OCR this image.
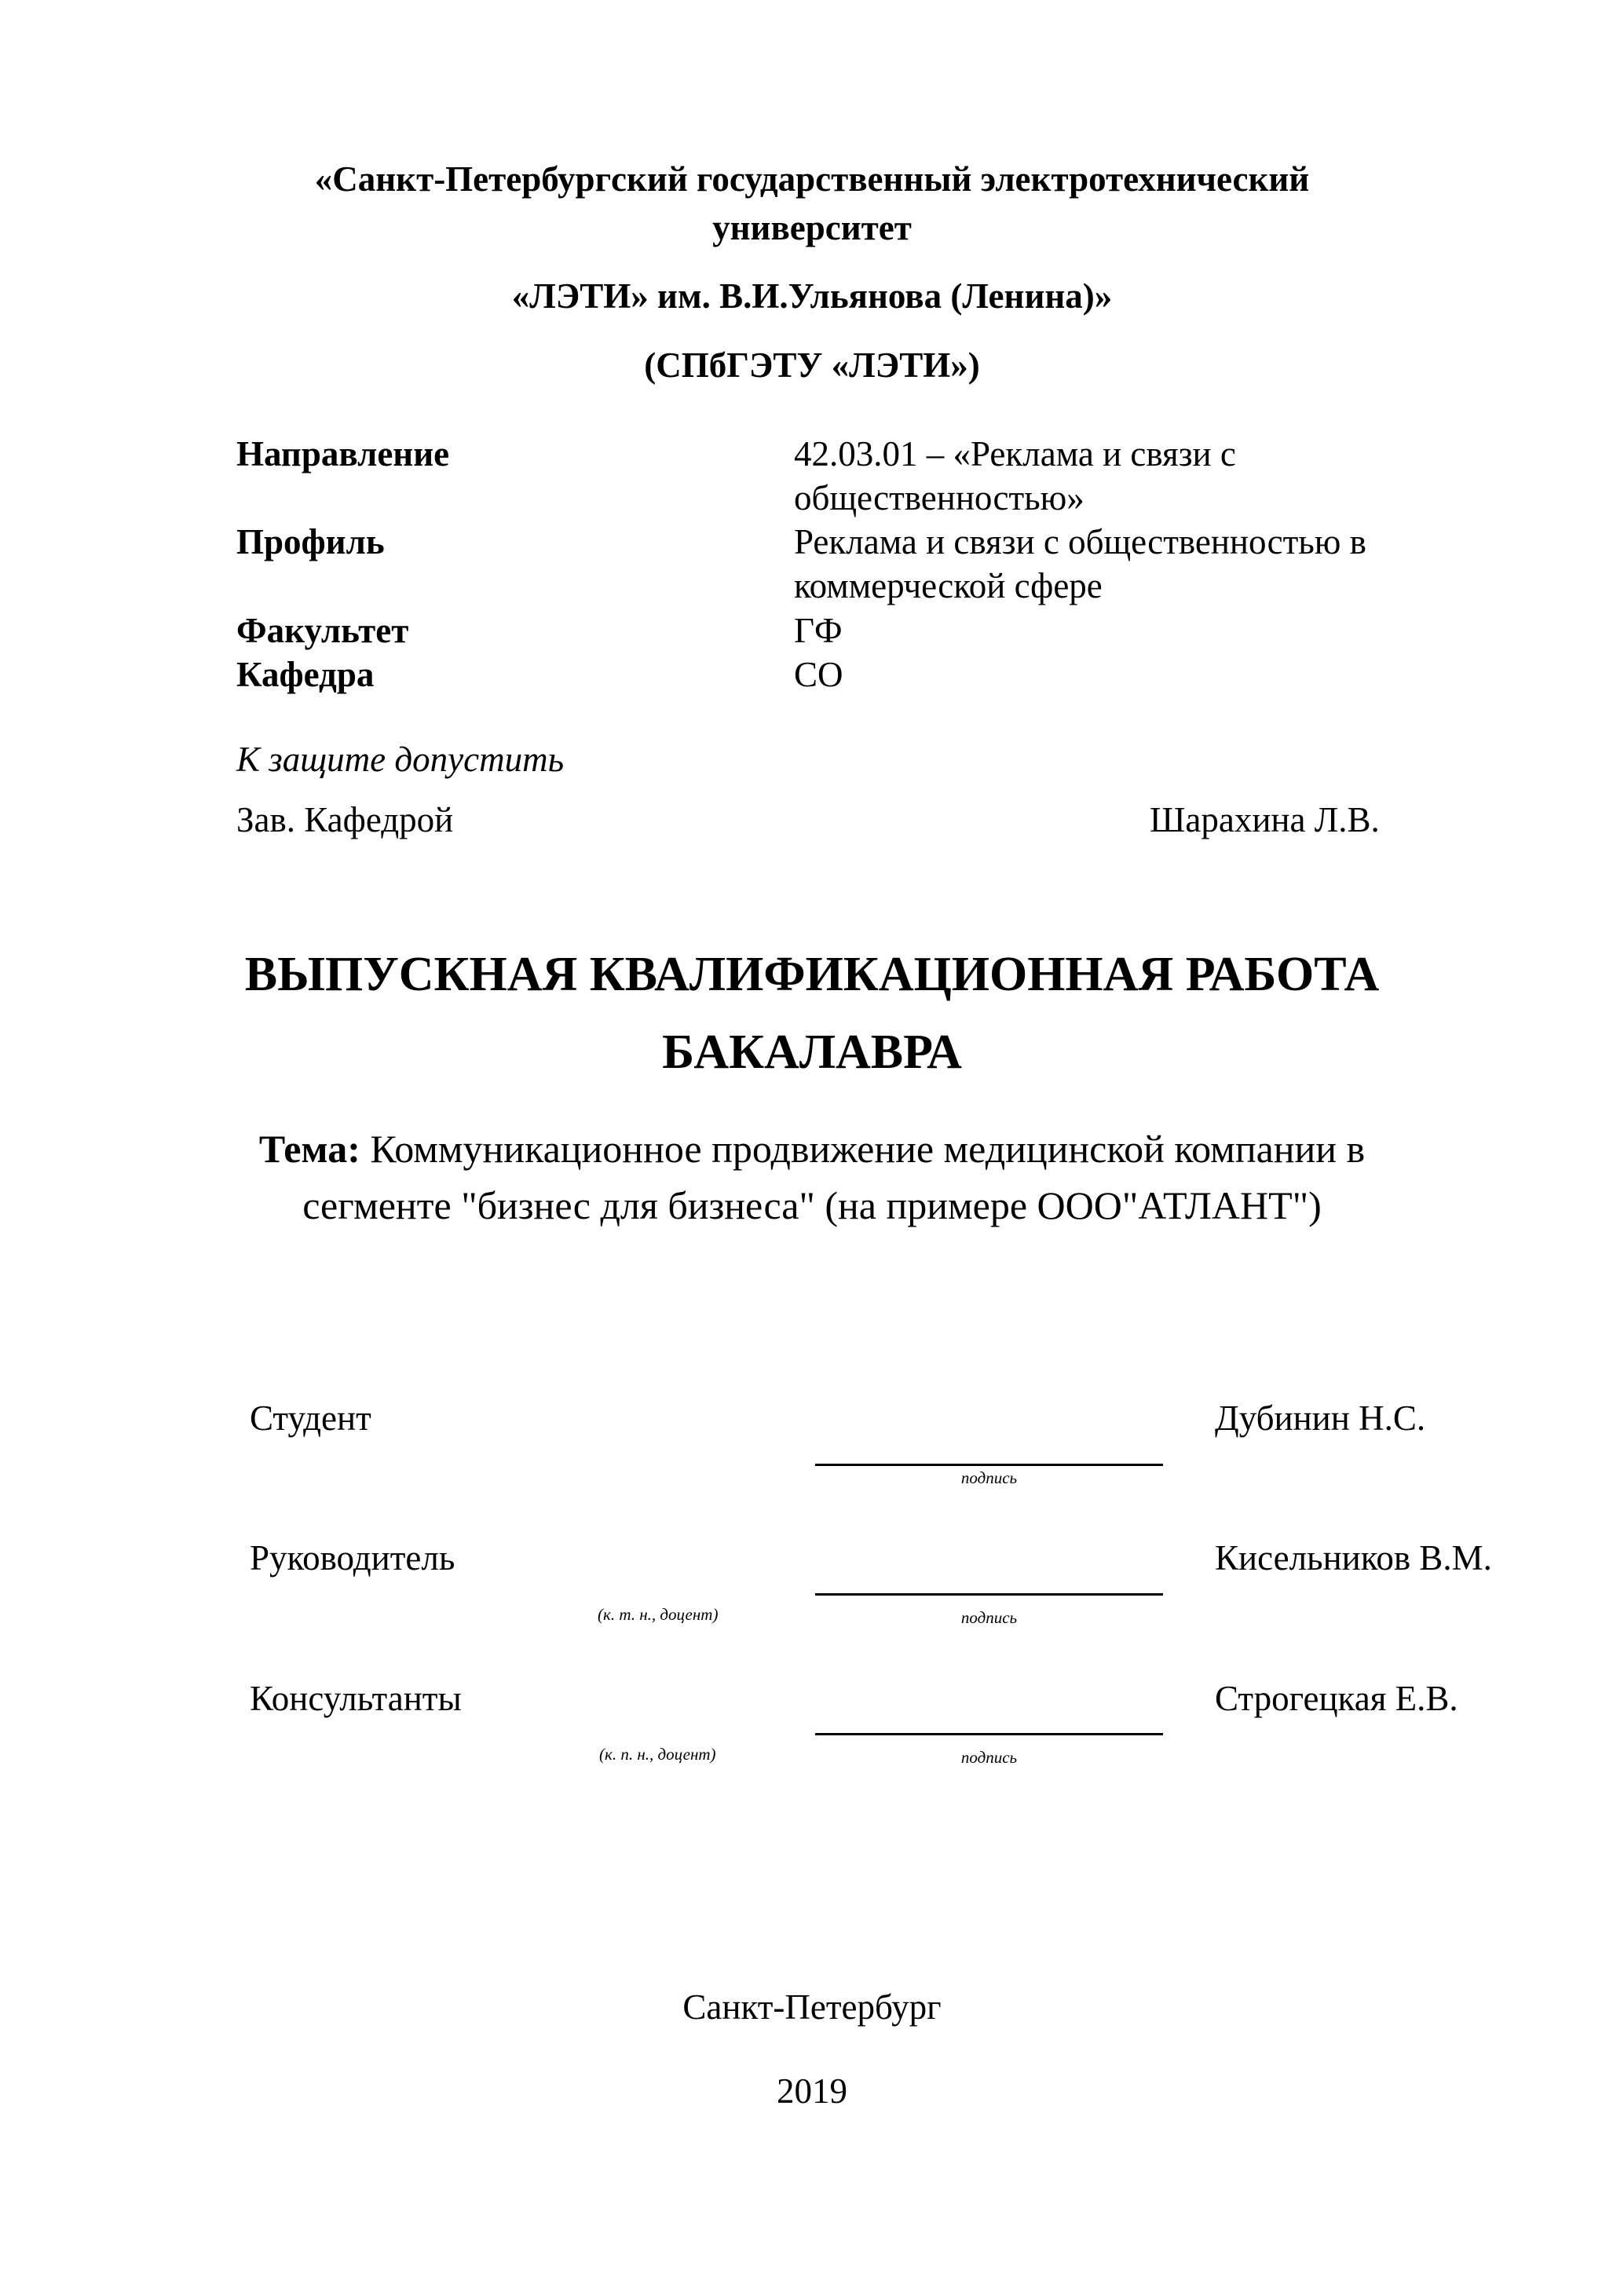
«Санкт-Петербургский государственный электротехнический
университет
«ЛЭТИ» им. В.И.Ульянова (Ленина)»
(СПбГЭТУ «ЛЭТИ»)
Направление	42.03.01 – «Реклама и связи с
общественностью»
Профиль	Реклама и связи с общественностью в
коммерческой сфере
Факультет	ГФ
Кафедра	СО
К защите допустить
Зав. Кафедрой	Шарахина Л.В.
ВЫПУСКНАЯ КВАЛИФИКАЦИОННАЯ РАБОТА
БАКАЛАВРА
Тема: Коммуникационное продвижение медицинской компании в
сегменте "бизнес для бизнеса" (на примере ООО"АТЛАНТ")
Студент	Дубинин Н.С.
подпись
Руководитель	Кисельников В.М.
(к. т. н., доцент)	подпись
Консультанты	Строгецкая Е.В.
(к. п. н., доцент)	подпись
Санкт-Петербург
2019
